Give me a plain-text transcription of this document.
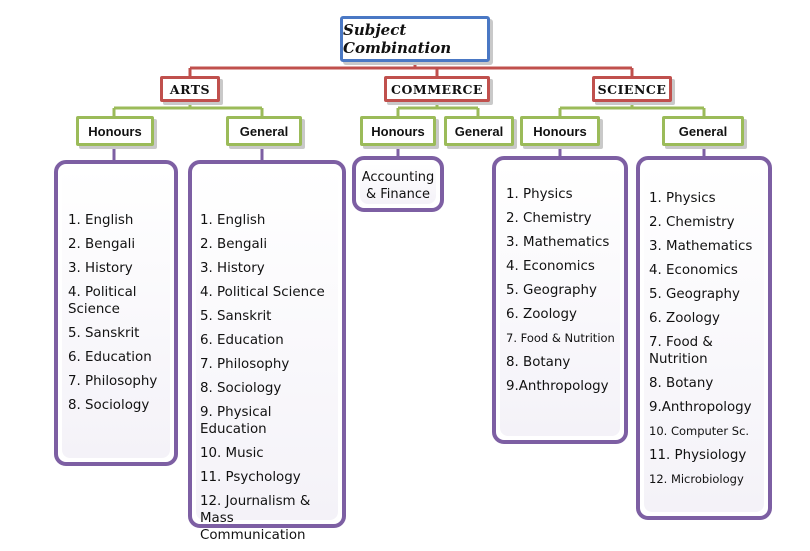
Subject Combination
ARTS	COMMERCE	SCIENCE
Honours	General	Honours General Honours	General
1. English
2. Bengali
3. History
4. Political Science
5. Sanskrit
6. Education
7. Philosophy
8. Sociology
1. English
2. Bengali
3. History
4. Political Science
5. Sanskrit
6. Education
7. Philosophy
8. Sociology
9. Physical Education
10. Music
11. Psychology
12. Journalism & Mass Communication
Accounting & Finance	1. Physics
2. Chemistry
3. Mathematics
4. Economics
5. Geography
6. Zoology
7. Food & Nutrition
8. Botany
9.Anthropology
1. Physics
2. Chemistry
3. Mathematics
4. Economics
5. Geography
6. Zoology
7. Food & Nutrition
8. Botany
9.Anthropology
10. Computer Sc.
11. Physiology
12. Microbiology
